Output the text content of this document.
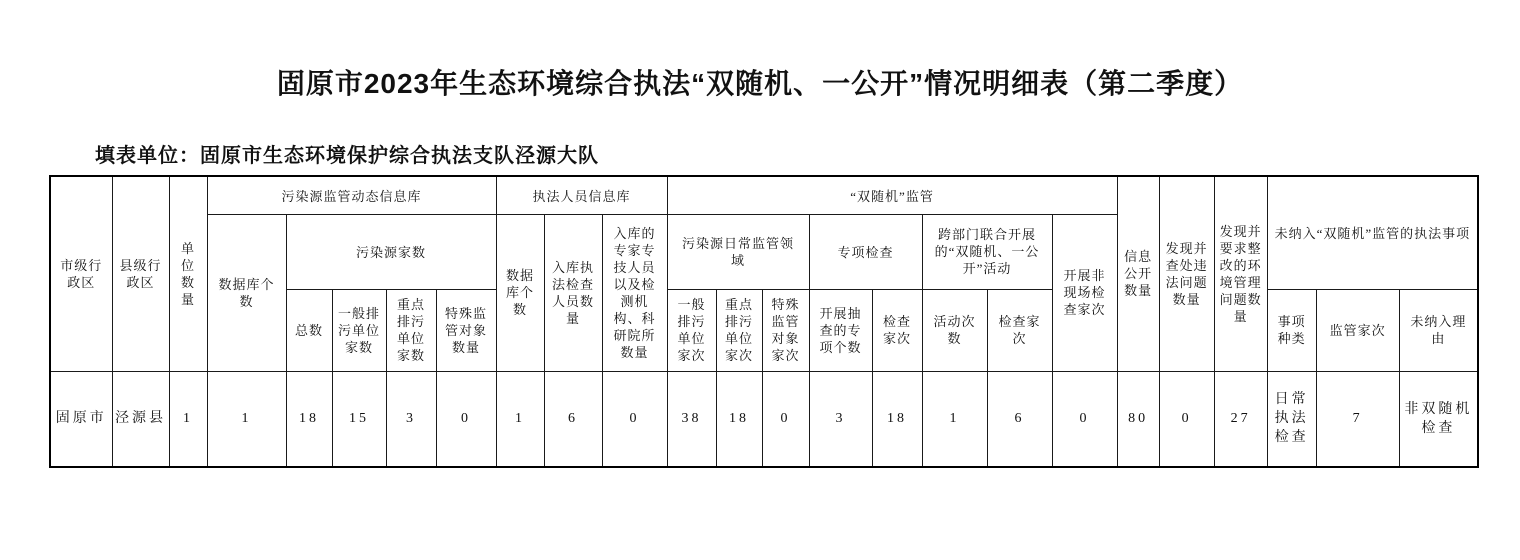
固原市2023年生态环境综合执法“双随机、一公开”情况明细表（第二季度）

填表单位：固原市生态环境保护综合执法支队泾源大队

市级行政区	县级行政区	单位数量	污染源监管动态信息库					执法人员信息库			“双随机”监管								信息公开数量	发现并查处违法问题数量	发现并要求整改的环境管理问题数量	未纳入“双随机”监管的执法事项		
			数据库个数	污染源家数				数据库个数	入库执法检查人员数量	入库的专家专技人员以及检测机构、科研院所数量	污染源日常监管领域			专项检查		跨部门联合开展的“双随机、一公开”活动		开展非现场检查家次						
				总数	一般排污单位家数	重点排污单位家数	特殊监管对象数量				一般排污单位家次	重点排污单位家次	特殊监管对象家次	开展抽查的专项个数	检查家次	活动次数	检查家次					事项种类	监管家次	未纳入理由
固原市	泾源县	1	1	18	15	3	0	1	6	0	38	18	0	3	18	1	6	0	80	0	27	日常执法检查	7	非双随机检查
